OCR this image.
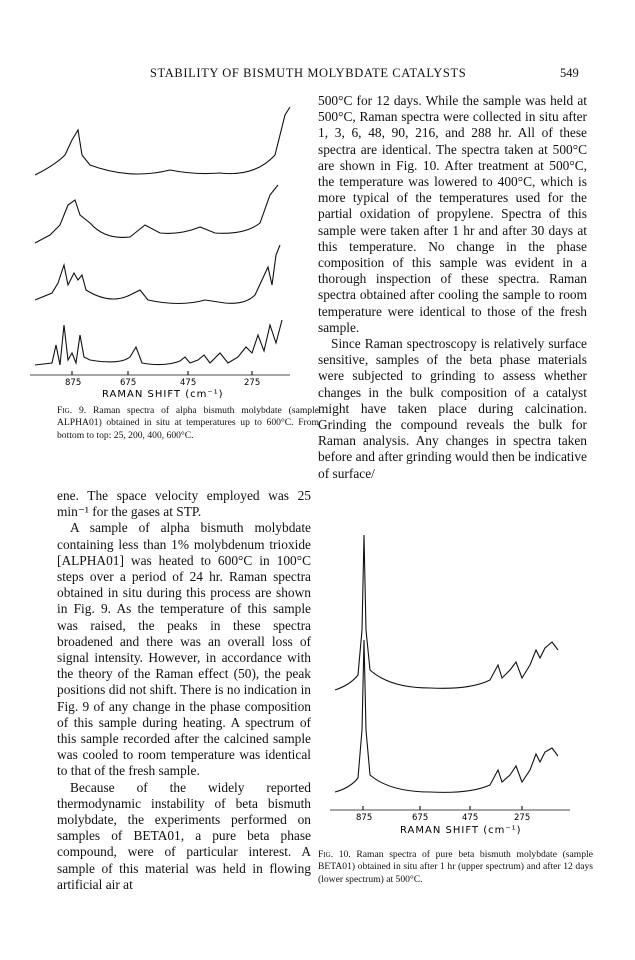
STABILITY OF BISMUTH MOLYBDATE CATALYSTS	549
875	675	475	275
RAMAN SHIFT (cm⁻¹)
Fig. 9. Raman spectra of alpha bismuth molybdate (sample ALPHA01) obtained in situ at temperatures up to 600°C. From bottom to top: 25, 200, 400, 600°C.

500°C for 12 days. While the sample was held at 500°C, Raman spectra were collected in situ after 1, 3, 6, 48, 90, 216, and 288 hr. All of these spectra are identical. The spectra taken at 500°C are shown in Fig. 10. After treatment at 500°C, the temperature was lowered to 400°C, which is more typical of the temperatures used for the partial oxidation of propylene. Spectra of this sample were taken after 1 hr and after 30 days at this temperature. No change in the phase composition of this sample was evident in a thorough inspection of these spectra. Raman spectra obtained after cooling the sample to room temperature were identical to those of the fresh sample.

Since Raman spectroscopy is relatively surface sensitive, samples of the beta phase materials were subjected to grinding to assess whether changes in the bulk composition of a catalyst might have taken place during calcination. Grinding the compound reveals the bulk for Raman analysis. Any changes in spectra taken before and after grinding would then be indicative of surface/

ene. The space velocity employed was 25 min⁻¹ for the gases at STP.

A sample of alpha bismuth molybdate containing less than 1% molybdenum trioxide [ALPHA01] was heated to 600°C in 100°C steps over a period of 24 hr. Raman spectra obtained in situ during this process are shown in Fig. 9. As the temperature of this sample was raised, the peaks in these spectra broadened and there was an overall loss of signal intensity. However, in accordance with the theory of the Raman effect (50), the peak positions did not shift. There is no indication in Fig. 9 of any change in the phase composition of this sample during heating. A spectrum of this sample recorded after the calcined sample was cooled to room temperature was identical to that of the fresh sample.

Because of the widely reported thermodynamic instability of beta bismuth molybdate, the experiments performed on samples of BETA01, a pure beta phase compound, were of particular interest. A sample of this material was held in flowing artificial air at

875	675	475	275
RAMAN SHIFT (cm⁻¹)
Fig. 10. Raman spectra of pure beta bismuth molybdate (sample BETA01) obtained in situ after 1 hr (upper spectrum) and after 12 days (lower spectrum) at 500°C.
